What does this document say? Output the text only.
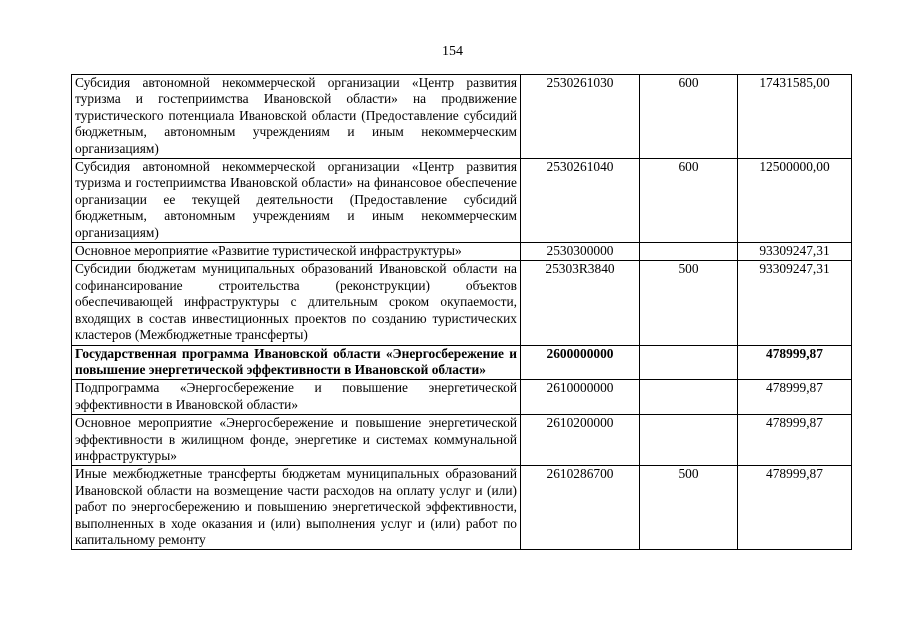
154
Субсидия автономной некоммерческой организации «Центр развития туризма и гостеприимства Ивановской области» на продвижение туристического потенциала Ивановской области (Предоставление субсидий бюджетным, автономным учреждениям и иным некоммерческим организациям)	2530261030	600	17431585,00
Субсидия автономной некоммерческой организации «Центр развития туризма и гостеприимства Ивановской области» на финансовое обеспечение организации ее текущей деятельности (Предоставление субсидий бюджетным, автономным учреждениям и иным некоммерческим организациям)	2530261040	600	12500000,00
Основное мероприятие «Развитие туристической инфраструктуры»	2530300000		93309247,31
Субсидии бюджетам муниципальных образований Ивановской области на софинансирование строительства (реконструкции) объектов обеспечивающей инфраструктуры с длительным сроком окупаемости, входящих в состав инвестиционных проектов по созданию туристических кластеров (Межбюджетные трансферты)	25303R3840	500	93309247,31
Государственная программа Ивановской области «Энергосбережение и повышение энергетической эффективности в Ивановской области»	2600000000		478999,87
Подпрограмма «Энергосбережение и повышение энергетической эффективности в Ивановской области»	2610000000		478999,87
Основное мероприятие «Энергосбережение и повышение энергетической эффективности в жилищном фонде, энергетике и системах коммунальной инфраструктуры»	2610200000		478999,87
Иные межбюджетные трансферты бюджетам муниципальных образований Ивановской области на возмещение части расходов на оплату услуг и (или) работ по энергосбережению и повышению энергетической эффективности, выполненных в ходе оказания и (или) выполнения услуг и (или) работ по капитальному ремонту	2610286700	500	478999,87
